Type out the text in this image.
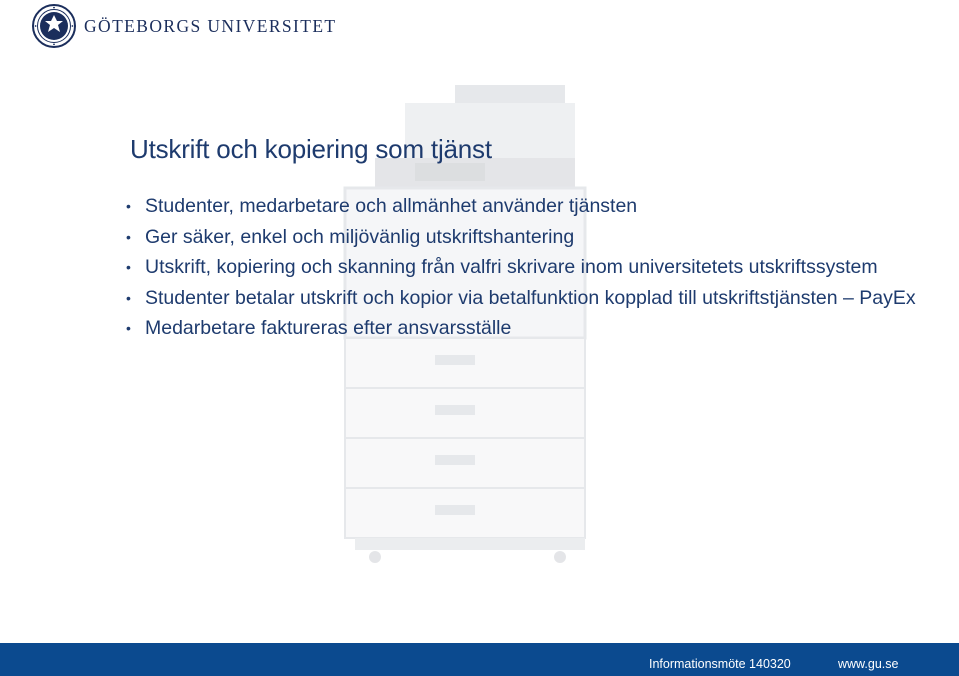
GÖTEBORGS UNIVERSITET
Utskrift och kopiering som tjänst
• Studenter, medarbetare och allmänhet använder tjänsten
• Ger säker, enkel och miljövänlig utskriftshantering
• Utskrift, kopiering och skanning från valfri skrivare inom universitetets utskriftssystem
• Studenter betalar utskrift och kopior via betalfunktion kopplad till utskriftstjänsten – PayEx
• Medarbetare faktureras efter ansvarsställe
Informationsmöte 140320	www.gu.se
